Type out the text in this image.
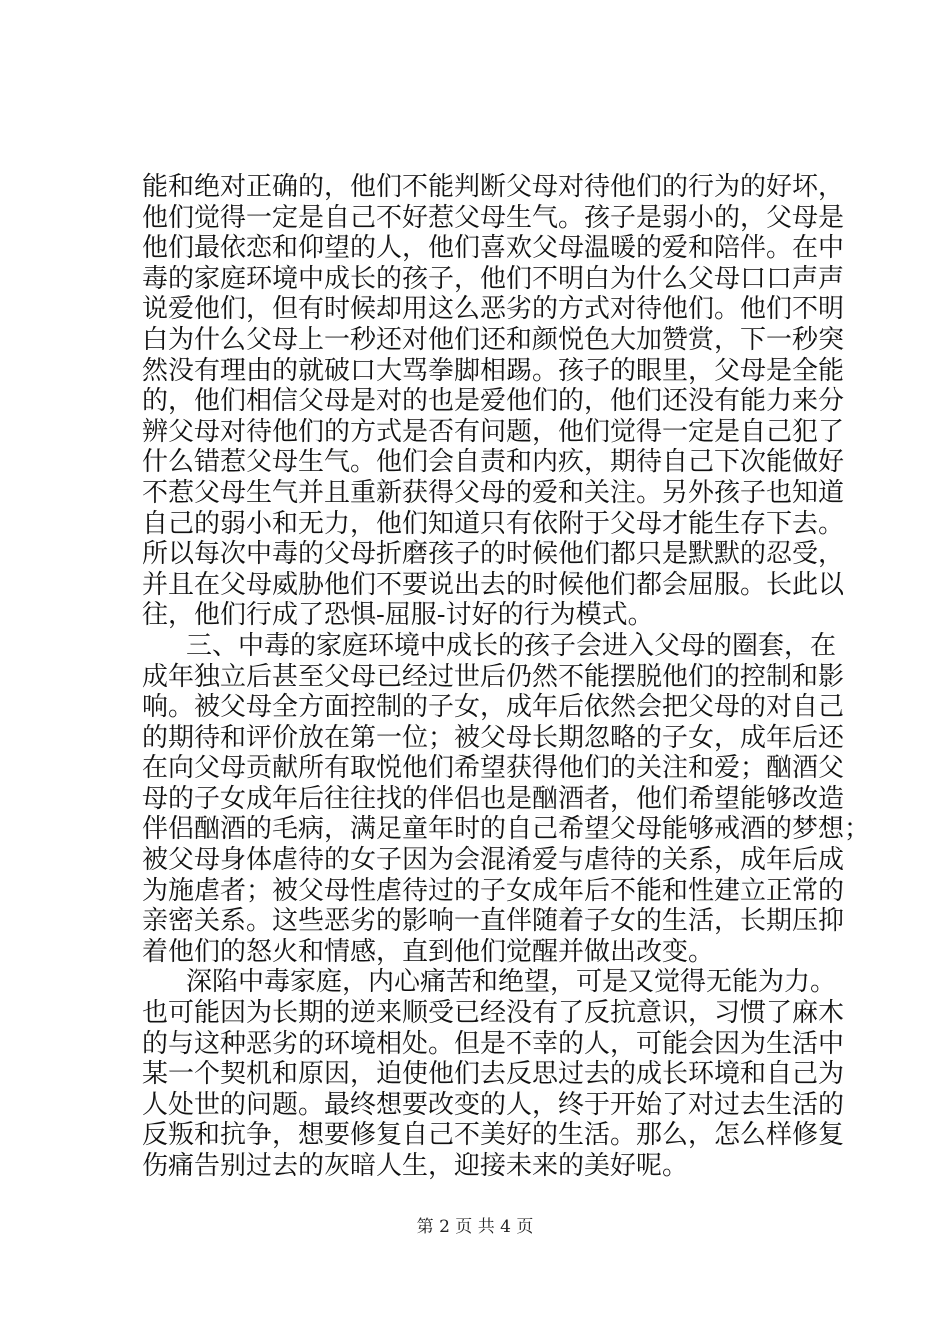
能和绝对正确的，他们不能判断父母对待他们的行为的好坏，
他们觉得一定是自己不好惹父母生气。孩子是弱小的，父母是
他们最依恋和仰望的人，他们喜欢父母温暖的爱和陪伴。在中
毒的家庭环境中成长的孩子，他们不明白为什么父母口口声声
说爱他们，但有时候却用这么恶劣的方式对待他们。他们不明
白为什么父母上一秒还对他们还和颜悦色大加赞赏，下一秒突
然没有理由的就破口大骂拳脚相踢。孩子的眼里，父母是全能
的，他们相信父母是对的也是爱他们的，他们还没有能力来分
辨父母对待他们的方式是否有问题，他们觉得一定是自己犯了
什么错惹父母生气。他们会自责和内疚，期待自己下次能做好
不惹父母生气并且重新获得父母的爱和关注。另外孩子也知道
自己的弱小和无力，他们知道只有依附于父母才能生存下去。
所以每次中毒的父母折磨孩子的时候他们都只是默默的忍受，
并且在父母威胁他们不要说出去的时候他们都会屈服。长此以
往，他们行成了恐惧-屈服-讨好的行为模式。
三、中毒的家庭环境中成长的孩子会进入父母的圈套，在
成年独立后甚至父母已经过世后仍然不能摆脱他们的控制和影
响。被父母全方面控制的子女，成年后依然会把父母的对自己
的期待和评价放在第一位；被父母长期忽略的子女，成年后还
在向父母贡献所有取悦他们希望获得他们的关注和爱；酗酒父
母的子女成年后往往找的伴侣也是酗酒者，他们希望能够改造
伴侣酗酒的毛病，满足童年时的自己希望父母能够戒酒的梦想；
被父母身体虐待的女子因为会混淆爱与虐待的关系，成年后成
为施虐者；被父母性虐待过的子女成年后不能和性建立正常的
亲密关系。这些恶劣的影响一直伴随着子女的生活，长期压抑
着他们的怒火和情感，直到他们觉醒并做出改变。
深陷中毒家庭，内心痛苦和绝望，可是又觉得无能为力。
也可能因为长期的逆来顺受已经没有了反抗意识，习惯了麻木
的与这种恶劣的环境相处。但是不幸的人，可能会因为生活中
某一个契机和原因，迫使他们去反思过去的成长环境和自己为
人处世的问题。最终想要改变的人，终于开始了对过去生活的
反叛和抗争，想要修复自己不美好的生活。那么，怎么样修复
伤痛告别过去的灰暗人生，迎接未来的美好呢。
第 2 页 共 4 页
